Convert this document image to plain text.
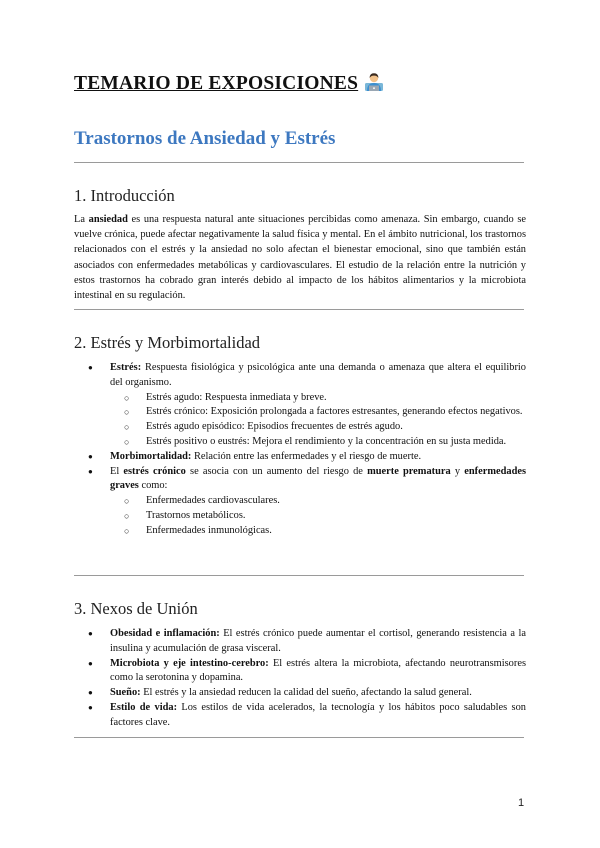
TEMARIO DE EXPOSICIONES
Trastornos de Ansiedad y Estrés
1. Introducción

La ansiedad es una respuesta natural ante situaciones percibidas como amenaza. Sin embargo, cuando se vuelve crónica, puede afectar negativamente la salud física y mental. En el ámbito nutricional, los trastornos relacionados con el estrés y la ansiedad no solo afectan el bienestar emocional, sino que también están asociados con enfermedades metabólicas y cardiovasculares. El estudio de la relación entre la nutrición y estos trastornos ha cobrado gran interés debido al impacto de los hábitos alimentarios y la microbiota intestinal en su regulación.

2. Estrés y Morbimortalidad
● Estrés: Respuesta fisiológica y psicológica ante una demanda o amenaza que altera el equilibrio del organismo.
○ Estrés agudo: Respuesta inmediata y breve.
○ Estrés crónico: Exposición prolongada a factores estresantes, generando efectos negativos.
○ Estrés agudo episódico: Episodios frecuentes de estrés agudo.
○ Estrés positivo o eustrés: Mejora el rendimiento y la concentración en su justa medida.
● Morbimortalidad: Relación entre las enfermedades y el riesgo de muerte.
● El estrés crónico se asocia con un aumento del riesgo de muerte prematura y enfermedades graves como:
○ Enfermedades cardiovasculares.
○ Trastornos metabólicos.
○ Enfermedades inmunológicas.
3. Nexos de Unión
● Obesidad e inflamación: El estrés crónico puede aumentar el cortisol, generando resistencia a la insulina y acumulación de grasa visceral.
● Microbiota y eje intestino-cerebro: El estrés altera la microbiota, afectando neurotransmisores como la serotonina y dopamina.
● Sueño: El estrés y la ansiedad reducen la calidad del sueño, afectando la salud general.
● Estilo de vida: Los estilos de vida acelerados, la tecnología y los hábitos poco saludables son factores clave.
1
